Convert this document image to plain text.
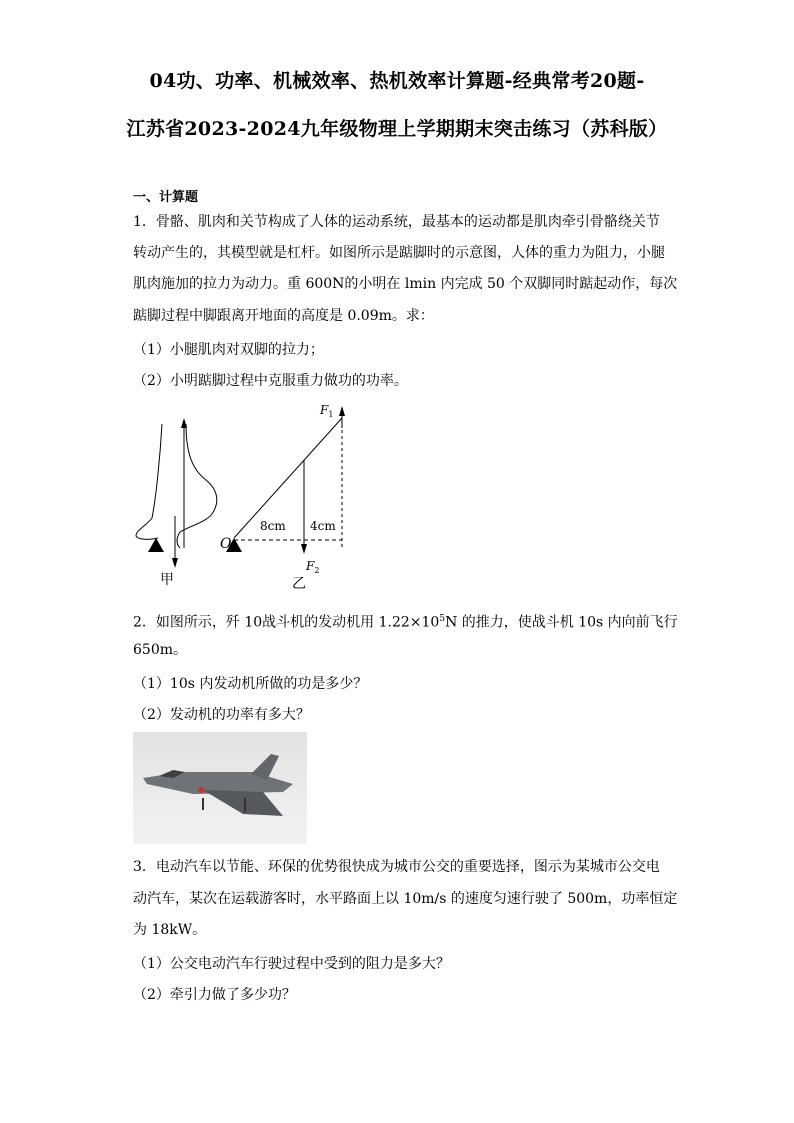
04功、功率、机械效率、热机效率计算题-经典常考20题-
江苏省2023-2024九年级物理上学期期末突击练习（苏科版）
一、计算题
1．骨骼、肌肉和关节构成了人体的运动系统，最基本的运动都是肌肉牵引骨骼绕关节
转动产生的，其模型就是杠杆。如图所示是踮脚时的示意图，人体的重力为阻力，小腿
肌肉施加的拉力为动力。重 600N的小明在 lmin 内完成 50 个双脚同时踮起动作，每次
踮脚过程中脚跟离开地面的高度是 0.09m。求：
（1）小腿肌肉对双脚的拉力；
（2）小明踮脚过程中克服重力做功的功率。
甲
$F_1$
$F_2$
O
8cm 4cm
乙
2．如图所示，歼 10战斗机的发动机用 $1.22\times 10^5N$ 的推力，使战斗机 10s 内向前飞行
650m。
（1）10s 内发动机所做的功是多少？
（2）发动机的功率有多大？
3．电动汽车以节能、环保的优势很快成为城市公交的重要选择，图示为某城市公交电
动汽车，某次在运载游客时，水平路面上以 10m/s 的速度匀速行驶了 500m，功率恒定
为 18kW。
（1）公交电动汽车行驶过程中受到的阻力是多大？
（2）牵引力做了多少功？
